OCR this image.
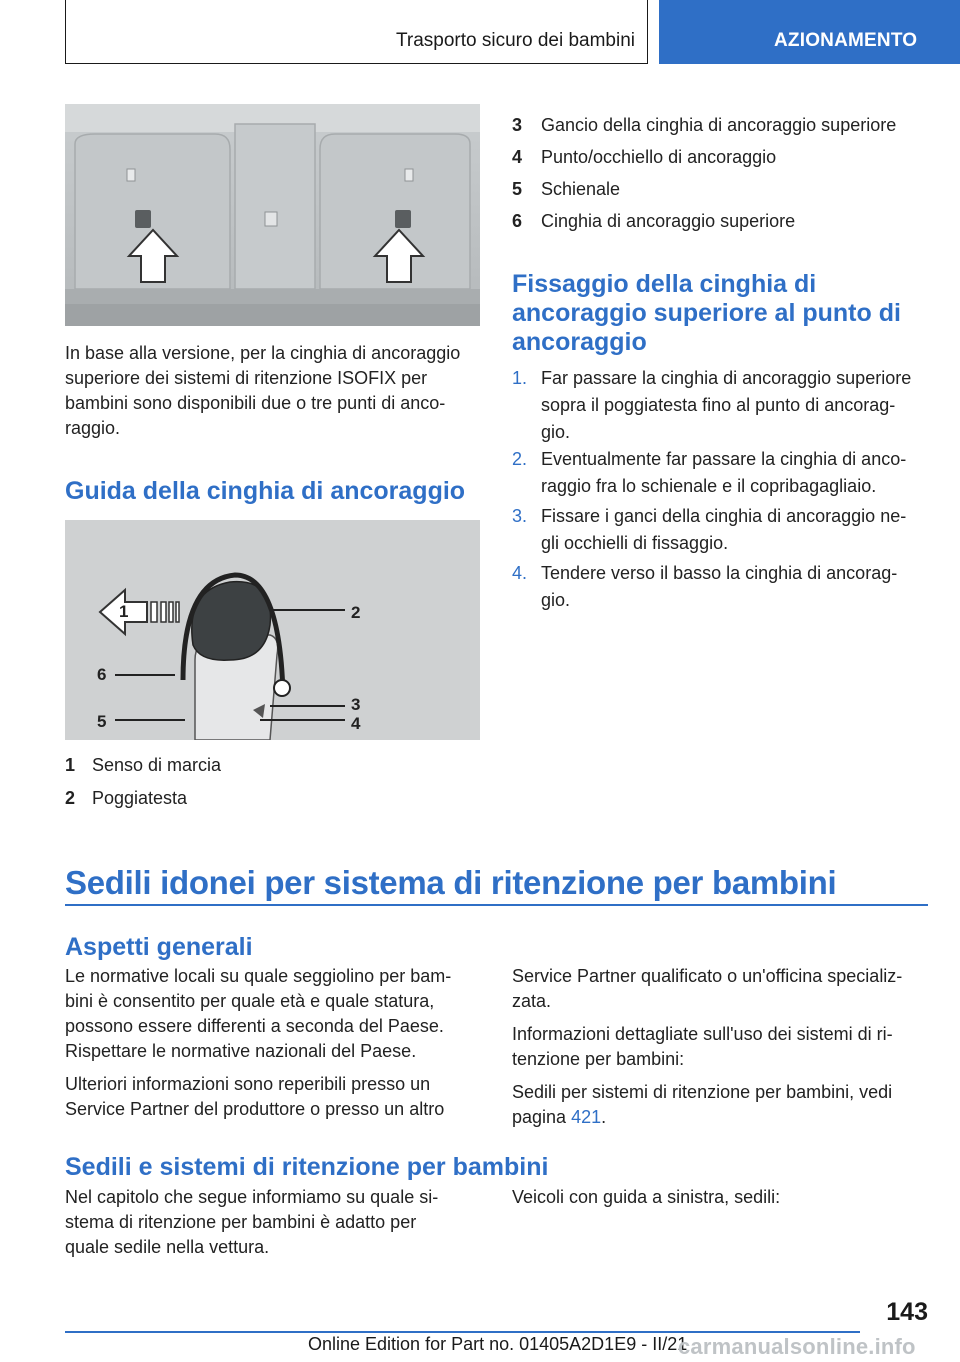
Trasporto sicuro dei bambini	AZIONAMENTO

In base alla versione, per la cinghia di ancoraggio

superiore dei sistemi di ritenzione ISOFIX per

bambini sono disponibili due o tre punti di anco-

raggio.

Guida della cinghia di ancoraggio
1	2
3
4
5
6
1 Senso di marcia
2 Poggiatesta
3 Gancio della cinghia di ancoraggio superiore
4 Punto/occhiello di ancoraggio
5 Schienale
6 Cinghia di ancoraggio superiore

Fissaggio della cinghia di

ancoraggio superiore al punto di

ancoraggio

1. Far passare la cinghia di ancoraggio superiore
sopra il poggiatesta fino al punto di ancorag-
gio.
2. Eventualmente far passare la cinghia di anco-
raggio fra lo schienale e il copribagagliaio.
3. Fissare i ganci della cinghia di ancoraggio ne-
gli occhielli di fissaggio.
4. Tendere verso il basso la cinghia di ancorag-
gio.
Sedili idonei per sistema di ritenzione per bambini
Aspetti generali

Le normative locali su quale seggiolino per bam-

bini è consentito per quale età e quale statura,

possono essere differenti a seconda del Paese.

Rispettare le normative nazionali del Paese.

Ulteriori informazioni sono reperibili presso un

Service Partner del produttore o presso un altro

Service Partner qualificato o un'officina specializ-

zata.

Informazioni dettagliate sull'uso dei sistemi di ri-

tenzione per bambini:

Sedili per sistemi di ritenzione per bambini, vedi

pagina 421.

Sedili e sistemi di ritenzione per bambini

Nel capitolo che segue informiamo su quale si-

stema di ritenzione per bambini è adatto per

quale sedile nella vettura.

Veicoli con guida a sinistra, sedili:

143
Online Edition for Part no. 01405A2D1E9 - II/21
carmanualsonline.info
